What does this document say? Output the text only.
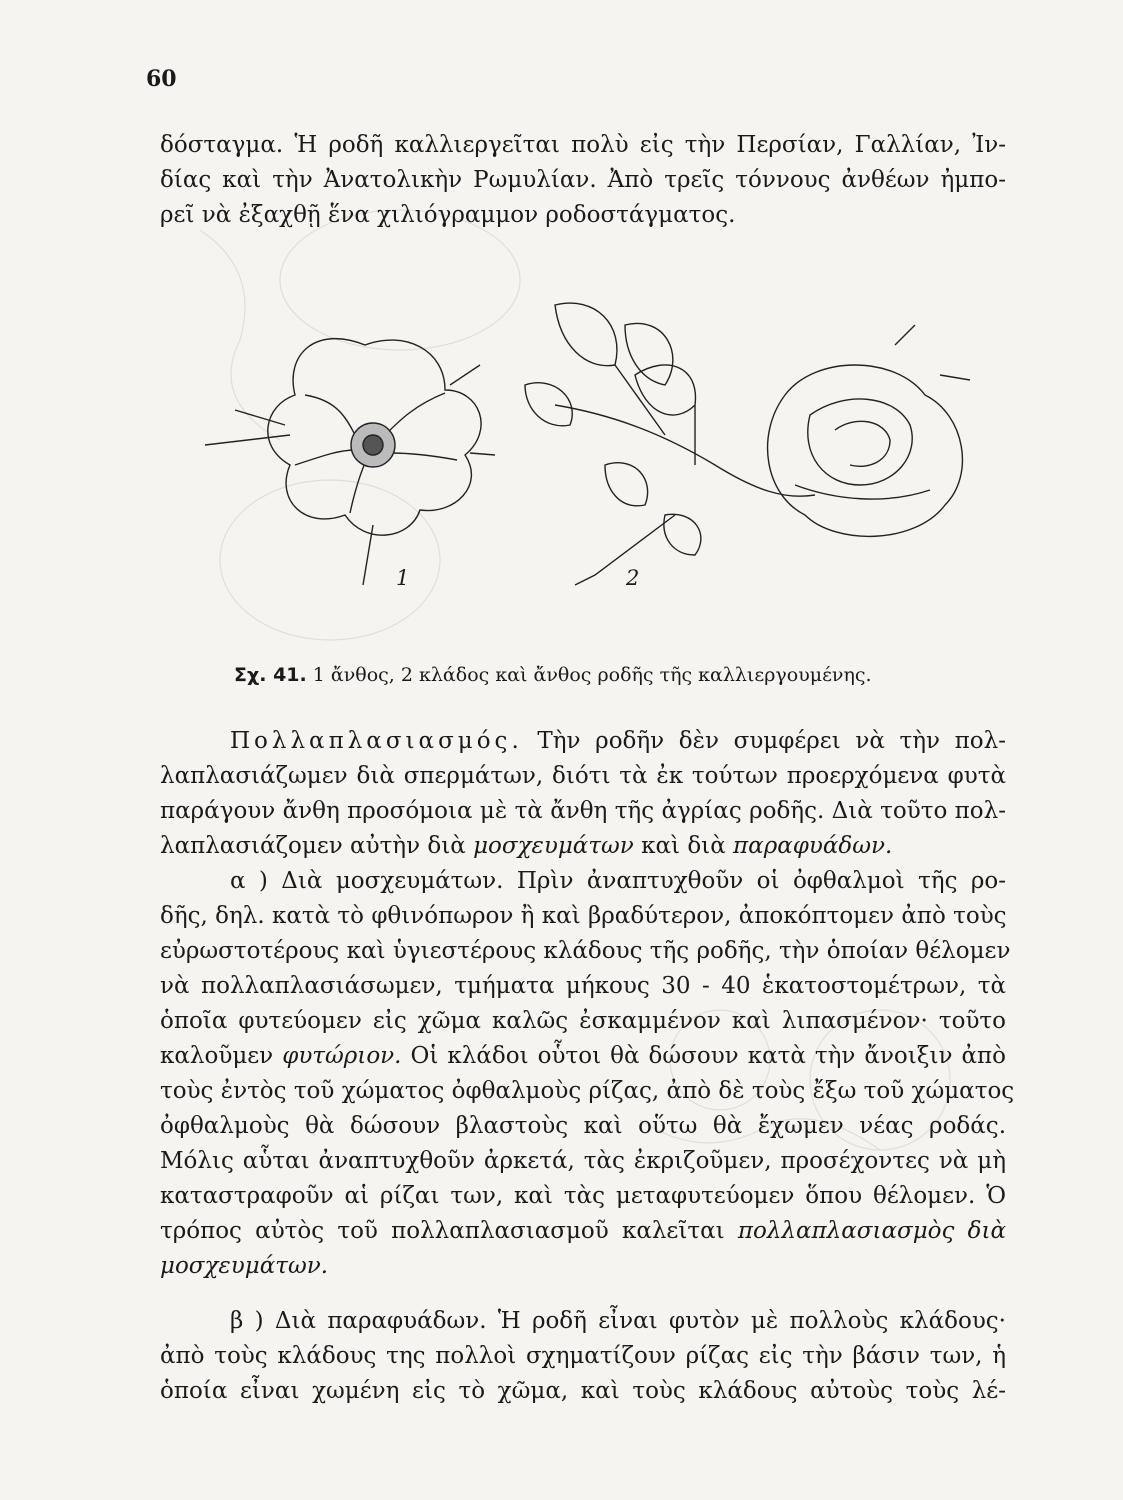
60
δόσταγμα. Ἡ ροδῆ καλλιεργεῖται πολὺ εἰς τὴν Περσίαν, Γαλλίαν, Ἰν-
δίας καὶ τὴν Ἀνατολικὴν Ρωμυλίαν. Ἀπὸ τρεῖς τόννους ἀνθέων ἠμπο-
ρεῖ νὰ ἐξαχθῇ ἕνα χιλιόγραμμον ροδοστάγματος.
1	2
Σχ. 41. 1 ἄνθος, 2 κλάδος καὶ ἄνθος ροδῆς τῆς καλλιεργουμένης.
Πολλαπλασιασμός. Τὴν ροδῆν δὲν συμφέρει νὰ τὴν πολ-
λαπλασιάζωμεν διὰ σπερμάτων, διότι τὰ ἐκ τούτων προερχόμενα φυτὰ
παράγουν ἄνθη προσόμοια μὲ τὰ ἄνθη τῆς ἀγρίας ροδῆς. Διὰ τοῦτο πολ-
λαπλασιάζομεν αὐτὴν διὰ μοσχευμάτων καὶ διὰ παραφυάδων.
α ) Διὰ μοσχευμάτων. Πρὶν ἀναπτυχθοῦν οἱ ὀφθαλμοὶ τῆς ρο-
δῆς, δηλ. κατὰ τὸ φθινόπωρον ἢ καὶ βραδύτερον, ἀποκόπτομεν ἀπὸ τοὺς
εὐρωστοτέρους καὶ ὑγιεστέρους κλάδους τῆς ροδῆς, τὴν ὁποίαν θέλομεν
νὰ πολλαπλασιάσωμεν, τμήματα μήκους 30 - 40 ἑκατοστομέτρων, τὰ
ὁποῖα φυτεύομεν εἰς χῶμα καλῶς ἐσκαμμένον καὶ λιπασμένον· τοῦτο
καλοῦμεν φυτώριον. Οἱ κλάδοι οὗτοι θὰ δώσουν κατὰ τὴν ἄνοιξιν ἀπὸ
τοὺς ἐντὸς τοῦ χώματος ὀφθαλμοὺς ρίζας, ἀπὸ δὲ τοὺς ἔξω τοῦ χώματος
ὀφθαλμοὺς θὰ δώσουν βλαστοὺς καὶ οὕτω θὰ ἔχωμεν νέας ροδάς.
Μόλις αὗται ἀναπτυχθοῦν ἀρκετά, τὰς ἐκριζοῦμεν, προσέχοντες νὰ μὴ
καταστραφοῦν αἱ ρίζαι των, καὶ τὰς μεταφυτεύομεν ὅπου θέλομεν. Ὁ
τρόπος αὐτὸς τοῦ πολλαπλασιασμοῦ καλεῖται πολλαπλασιασμὸς διὰ
μοσχευμάτων.
β ) Διὰ παραφυάδων. Ἡ ροδῆ εἶναι φυτὸν μὲ πολλοὺς κλάδους·
ἀπὸ τοὺς κλάδους της πολλοὶ σχηματίζουν ρίζας εἰς τὴν βάσιν των, ἡ
ὁποία εἶναι χωμένη εἰς τὸ χῶμα, καὶ τοὺς κλάδους αὐτοὺς τοὺς λέ-
